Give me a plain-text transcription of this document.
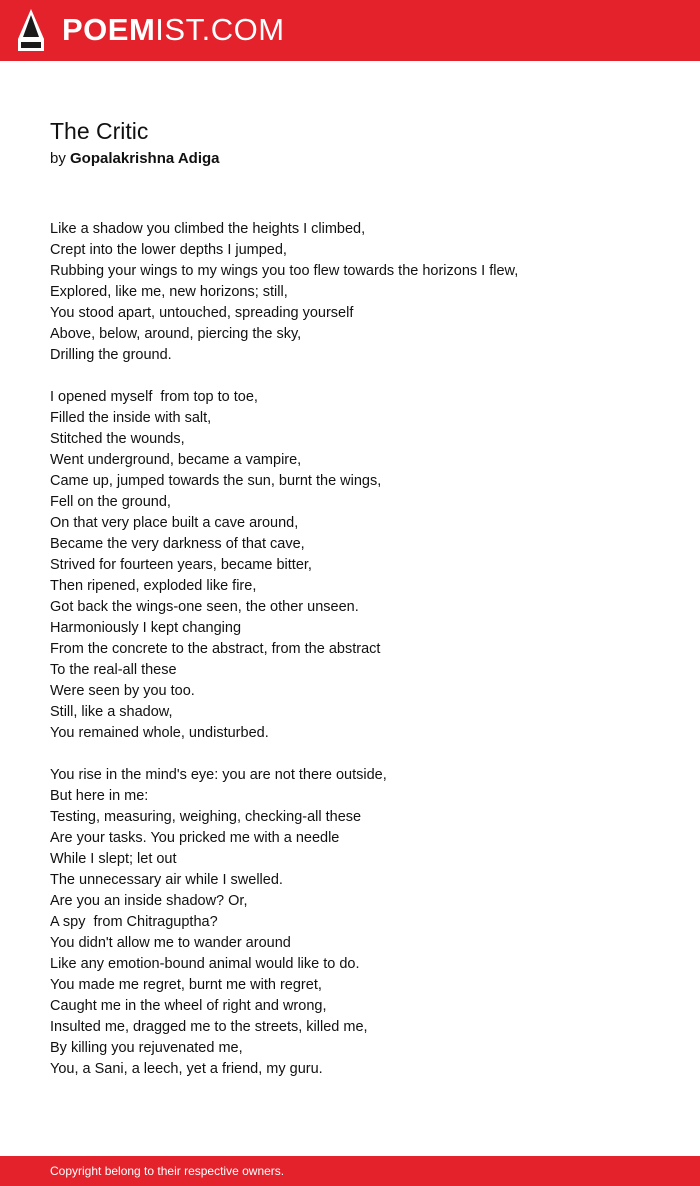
POEMIST.COM
The Critic
by Gopalakrishna Adiga
Like a shadow you climbed the heights I climbed,
Crept into the lower depths I jumped,
Rubbing your wings to my wings you too flew towards the horizons I flew,
Explored, like me, new horizons; still,
You stood apart, untouched, spreading yourself
Above, below, around, piercing the sky,
Drilling the ground.
I opened myself  from top to toe,
Filled the inside with salt,
Stitched the wounds,
Went underground, became a vampire,
Came up, jumped towards the sun, burnt the wings,
Fell on the ground,
On that very place built a cave around,
Became the very darkness of that cave,
Strived for fourteen years, became bitter,
Then ripened, exploded like fire,
Got back the wings-one seen, the other unseen.
Harmoniously I kept changing
From the concrete to the abstract, from the abstract
To the real-all these
Were seen by you too.
Still, like a shadow,
You remained whole, undisturbed.
You rise in the mind's eye: you are not there outside,
But here in me:
Testing, measuring, weighing, checking-all these
Are your tasks. You pricked me with a needle
While I slept; let out
The unnecessary air while I swelled.
Are you an inside shadow? Or,
A spy  from Chitraguptha?
You didn't allow me to wander around
Like any emotion-bound animal would like to do.
You made me regret, burnt me with regret,
Caught me in the wheel of right and wrong,
Insulted me, dragged me to the streets, killed me,
By killing you rejuvenated me,
You, a Sani, a leech, yet a friend, my guru.
Copyright belong to their respective owners.
